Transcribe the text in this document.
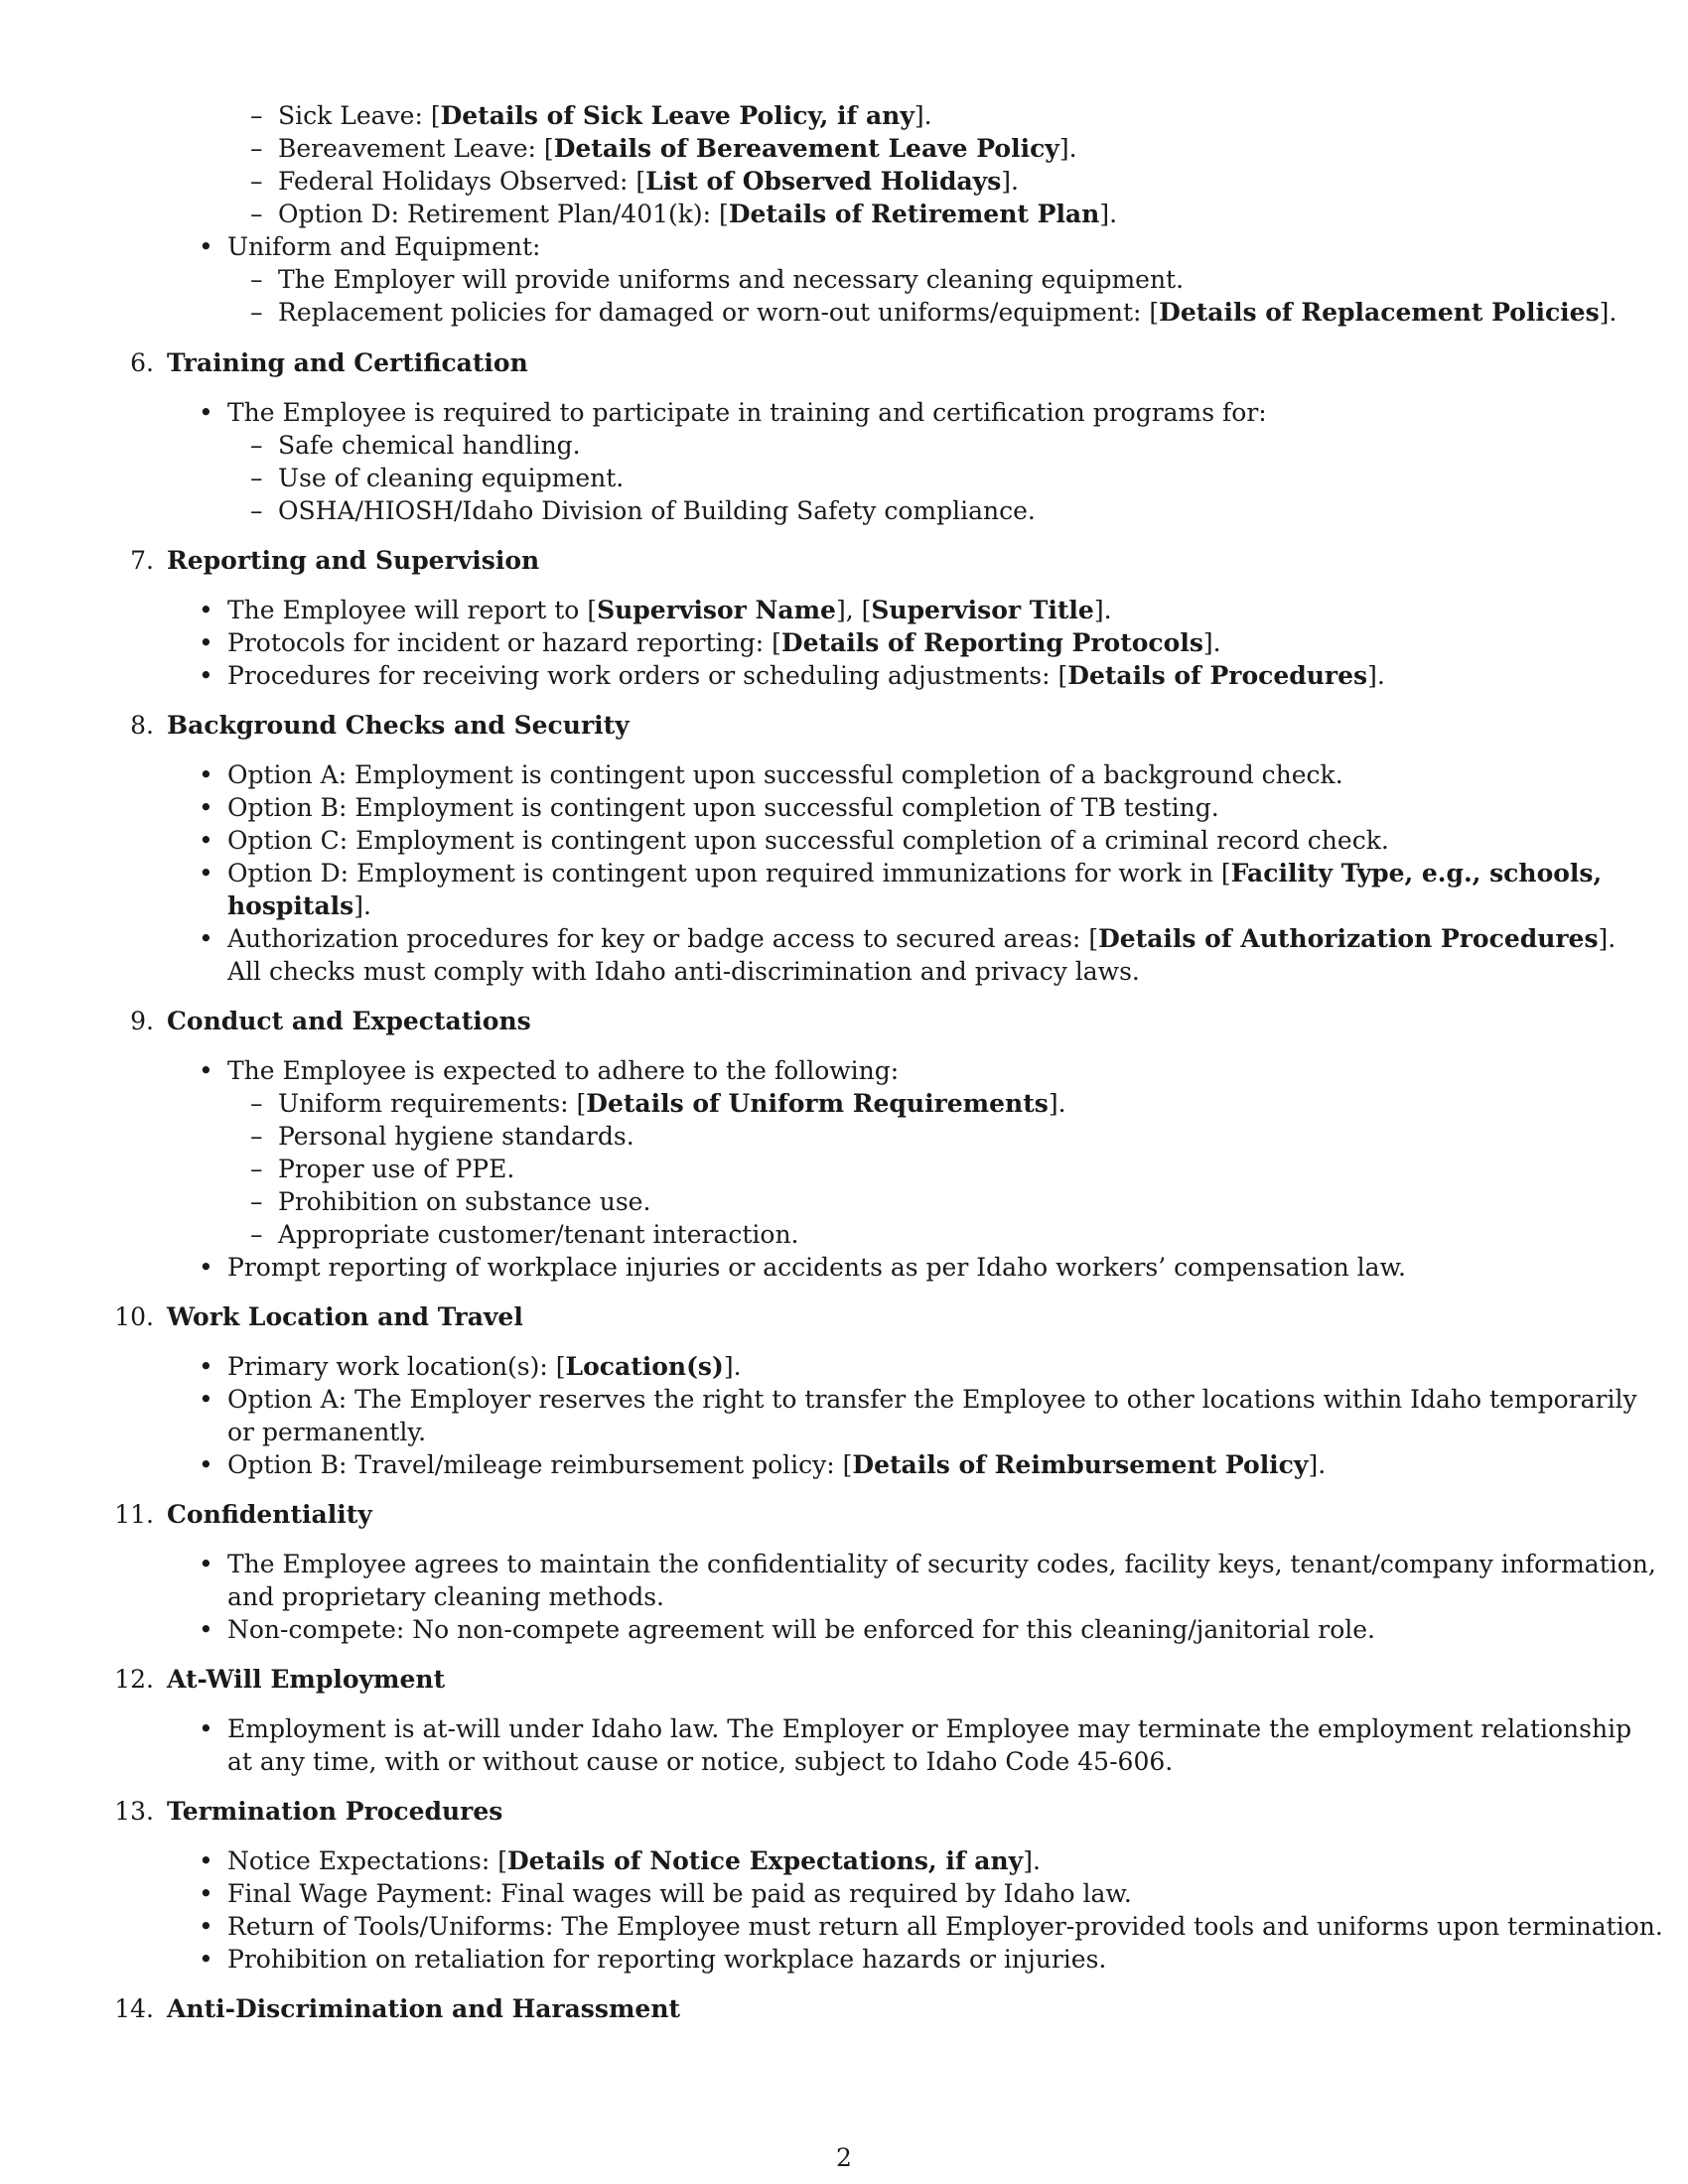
– Sick Leave: [Details of Sick Leave Policy, if any].
– Bereavement Leave: [Details of Bereavement Leave Policy].
– Federal Holidays Observed: [List of Observed Holidays].
– Option D: Retirement Plan/401(k): [Details of Retirement Plan].
• Uniform and Equipment:
– The Employer will provide uniforms and necessary cleaning equipment.
– Replacement policies for damaged or worn-out uniforms/equipment: [Details of Replacement Policies].
6. Training and Certification
• The Employee is required to participate in training and certification programs for:
– Safe chemical handling.
– Use of cleaning equipment.
– OSHA/HIOSH/Idaho Division of Building Safety compliance.
7. Reporting and Supervision
• The Employee will report to [Supervisor Name], [Supervisor Title].
• Protocols for incident or hazard reporting: [Details of Reporting Protocols].
• Procedures for receiving work orders or scheduling adjustments: [Details of Procedures].
8. Background Checks and Security
• Option A: Employment is contingent upon successful completion of a background check.
• Option B: Employment is contingent upon successful completion of TB testing.
• Option C: Employment is contingent upon successful completion of a criminal record check.
• Option D: Employment is contingent upon required immunizations for work in [Facility Type, e.g., schools,
hospitals].
• Authorization procedures for key or badge access to secured areas: [Details of Authorization Procedures].
All checks must comply with Idaho anti-discrimination and privacy laws.
9. Conduct and Expectations
• The Employee is expected to adhere to the following:
– Uniform requirements: [Details of Uniform Requirements].
– Personal hygiene standards.
– Proper use of PPE.
– Prohibition on substance use.
– Appropriate customer/tenant interaction.
• Prompt reporting of workplace injuries or accidents as per Idaho workers’ compensation law.
10. Work Location and Travel
• Primary work location(s): [Location(s)].
• Option A: The Employer reserves the right to transfer the Employee to other locations within Idaho temporarily
or permanently.
• Option B: Travel/mileage reimbursement policy: [Details of Reimbursement Policy].
11. Confidentiality
• The Employee agrees to maintain the confidentiality of security codes, facility keys, tenant/company information,
and proprietary cleaning methods.
• Non-compete: No non-compete agreement will be enforced for this cleaning/janitorial role.
12. At-Will Employment
• Employment is at-will under Idaho law. The Employer or Employee may terminate the employment relationship
at any time, with or without cause or notice, subject to Idaho Code 45-606.
13. Termination Procedures
• Notice Expectations: [Details of Notice Expectations, if any].
• Final Wage Payment: Final wages will be paid as required by Idaho law.
• Return of Tools/Uniforms: The Employee must return all Employer-provided tools and uniforms upon termination.
• Prohibition on retaliation for reporting workplace hazards or injuries.
14. Anti-Discrimination and Harassment
2
